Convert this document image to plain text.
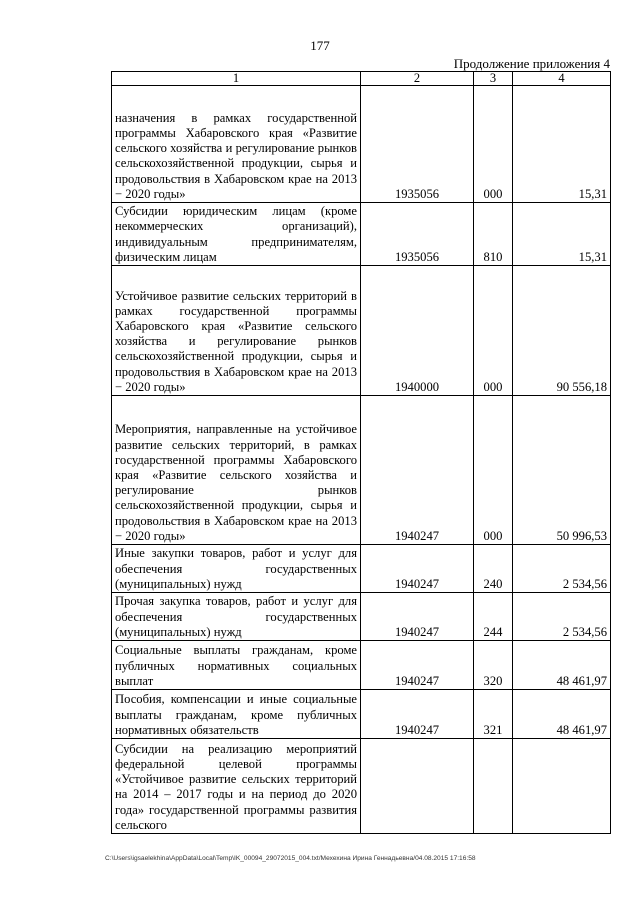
177
Продолжение приложения 4
1	2	3	4

назначения в рамках государственной программы Хабаровского края «Развитие сельского хозяйства и регулирование рынков сельскохозяйственной продукции, сырья и продовольствия в Хабаровском крае на 2013 − 2020 годы»	1935056	000	15,31

Субсидии юридическим лицам (кроме некоммерческих организаций), индивидуальным предпринимателям, физическим лицам	1935056	810	15,31

Устойчивое развитие сельских территорий в рамках государственной программы Хабаровского края «Развитие сельского хозяйства и регулирование рынков сельскохозяйственной продукции, сырья и продовольствия в Хабаровском крае на 2013 − 2020 годы»	1940000	000	90 556,18

Мероприятия, направленные на устойчивое развитие сельских территорий, в рамках государственной программы Хабаровского края «Развитие сельского хозяйства и регулирование рынков сельскохозяйственной продукции, сырья и продовольствия в Хабаровском крае на 2013 − 2020 годы»	1940247	000	50 996,53

Иные закупки товаров, работ и услуг для обеспечения государственных (муниципальных) нужд	1940247	240	2 534,56

Прочая закупка товаров, работ и услуг для обеспечения государственных (муниципальных) нужд	1940247	244	2 534,56

Социальные выплаты гражданам, кроме публичных нормативных социальных выплат	1940247	320	48 461,97

Пособия, компенсации и иные социальные выплаты гражданам, кроме публичных нормативных обязательств	1940247	321	48 461,97

Субсидии на реализацию мероприятий федеральной целевой программы «Устойчивое развитие сельских территорий на 2014 – 2017 годы и на период до 2020 года» государственной программы развития сельского			

C:\Users\igsaelekhina\AppData\Local\Temp\IK_00094_29072015_004.txt/Мехехина Ирина Геннадьевна/04.08.2015 17:16:58
